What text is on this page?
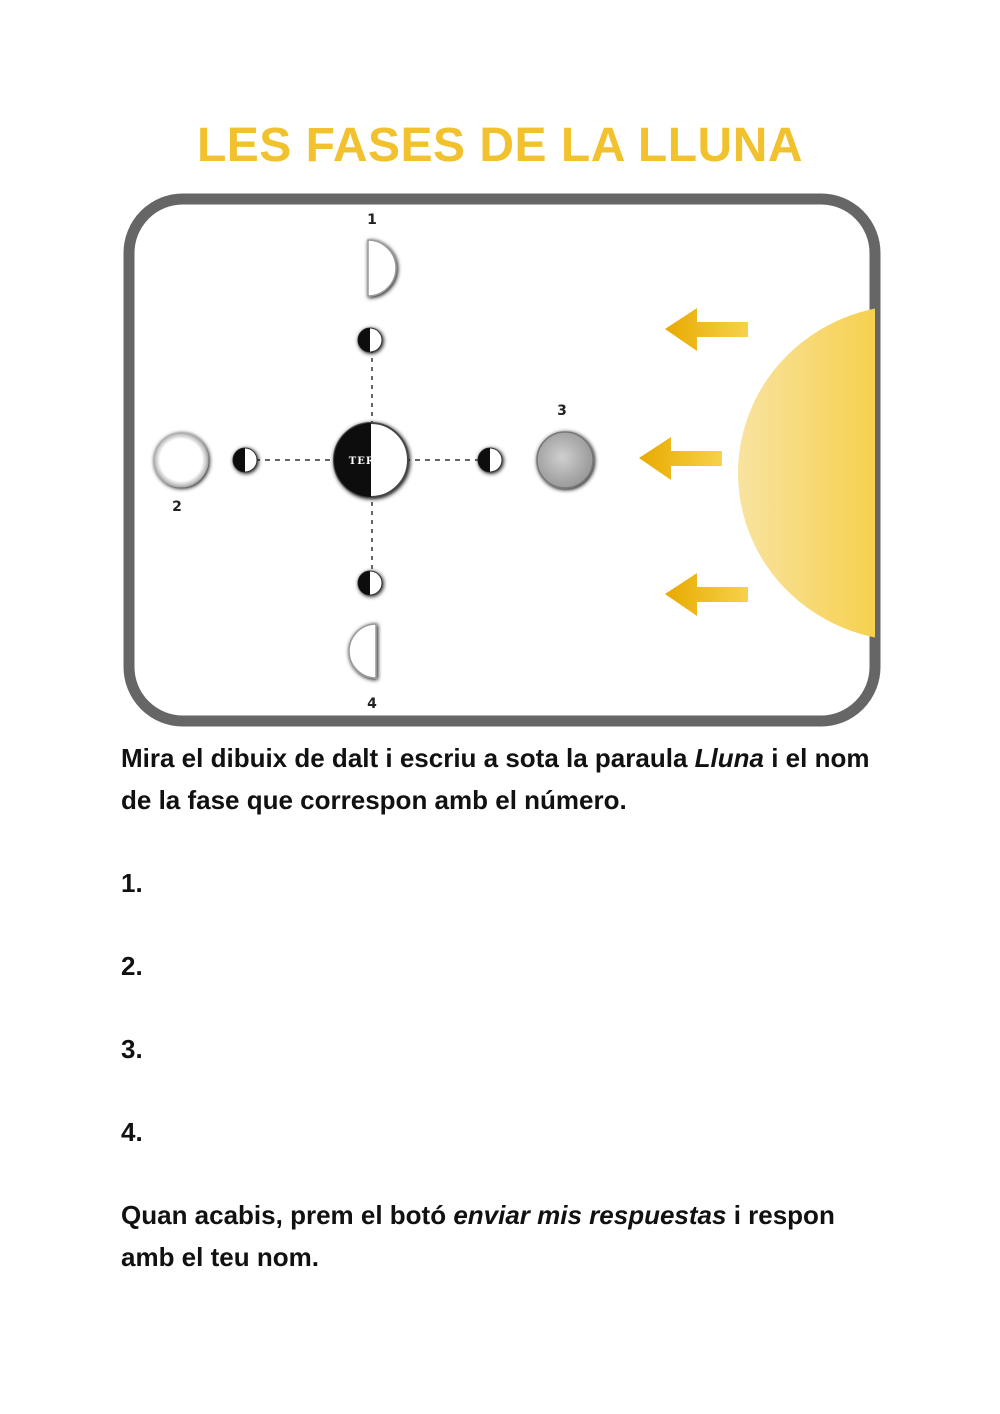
LES FASES DE LA LLUNA
TERRA
1
2
3
4

Mira el dibuix de dalt i escriu a sota la paraula Lluna i el nom de la fase que correspon amb el número.

1.
2.
3.
4.

Quan acabis, prem el botó enviar mis respuestas i respon amb el teu nom.
